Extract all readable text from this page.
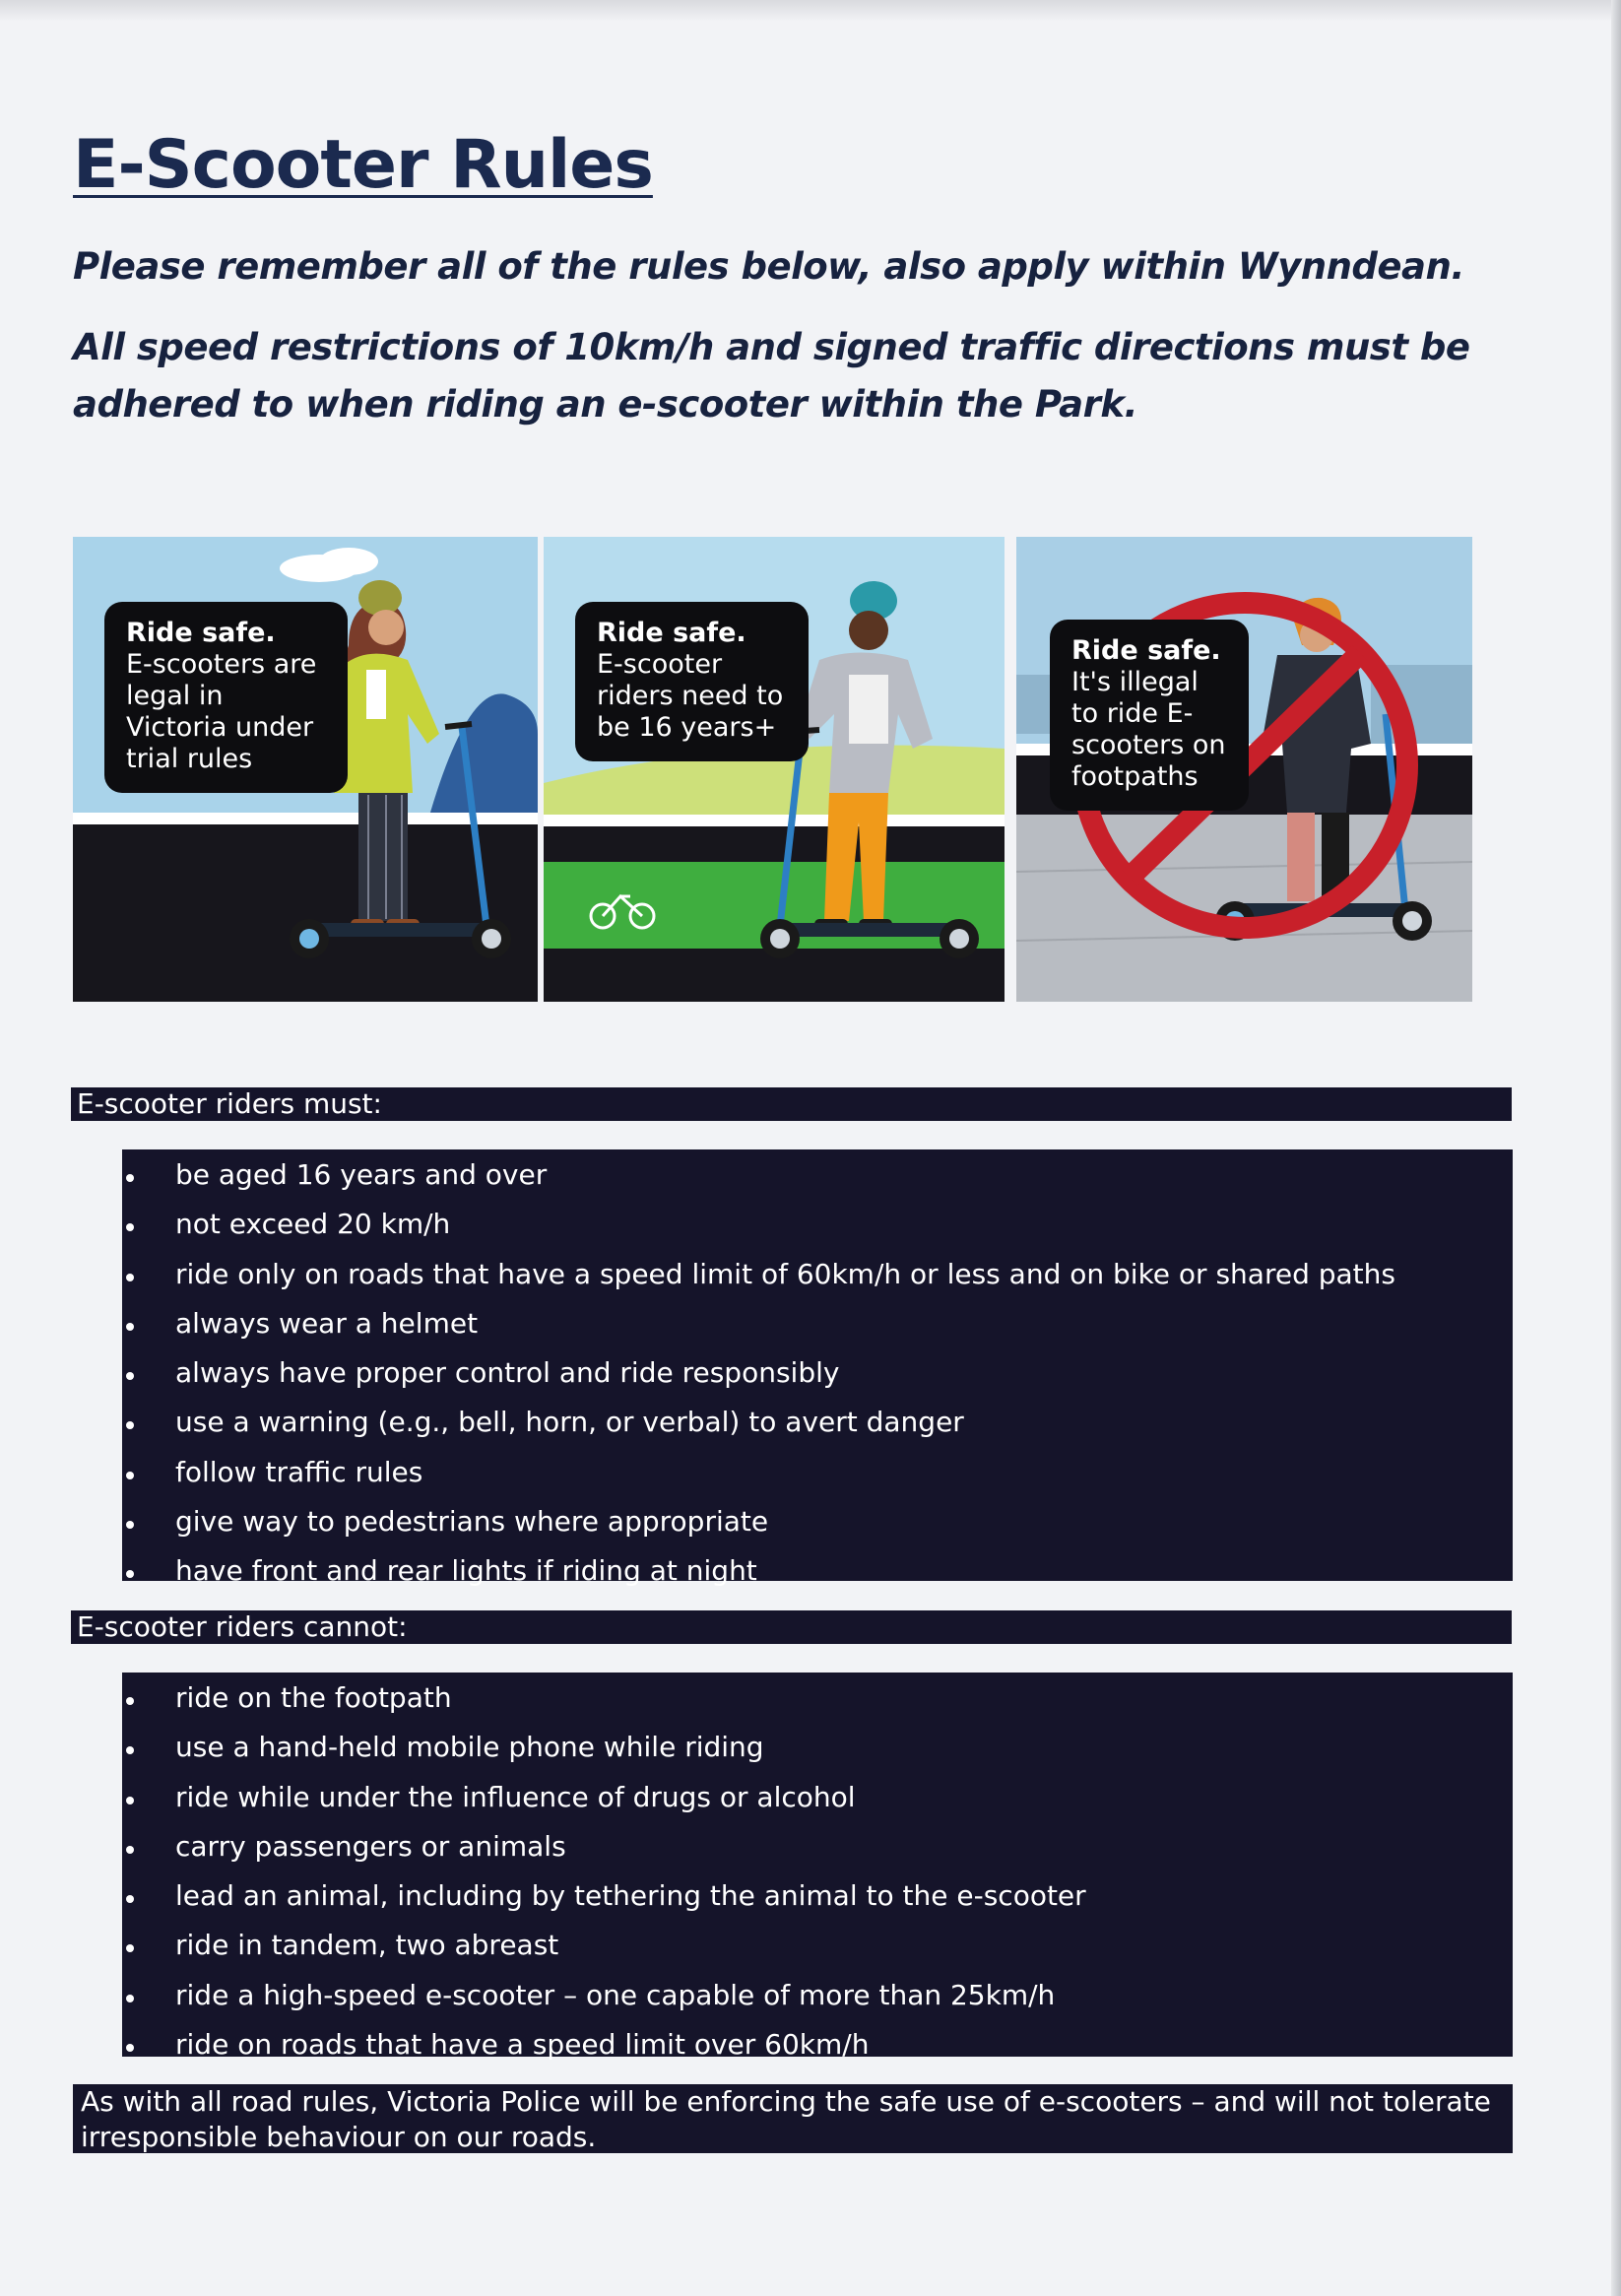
E-Scooter Rules

Please remember all of the rules below, also apply within Wynndean.

All speed restrictions of 10km/h and signed traffic directions must be adhered to when riding an e-scooter within the Park.

Ride safe.
E-scooters are legal in Victoria under trial rules
Ride safe.
E-scooter riders need to be 16 years+
Ride safe.
It's illegal to ride E-scooters on footpaths
E-scooter riders must:
be aged 16 years and over
not exceed 20 km/h
ride only on roads that have a speed limit of 60km/h or less and on bike or shared paths
always wear a helmet
always have proper control and ride responsibly
use a warning (e.g., bell, horn, or verbal) to avert danger
follow traffic rules
give way to pedestrians where appropriate
have front and rear lights if riding at night
E-scooter riders cannot:
ride on the footpath
use a hand-held mobile phone while riding
ride while under the influence of drugs or alcohol
carry passengers or animals
lead an animal, including by tethering the animal to the e-scooter
ride in tandem, two abreast
ride a high-speed e-scooter – one capable of more than 25km/h
ride on roads that have a speed limit over 60km/h
As with all road rules, Victoria Police will be enforcing the safe use of e-scooters – and will not tolerate irresponsible behaviour on our roads.
